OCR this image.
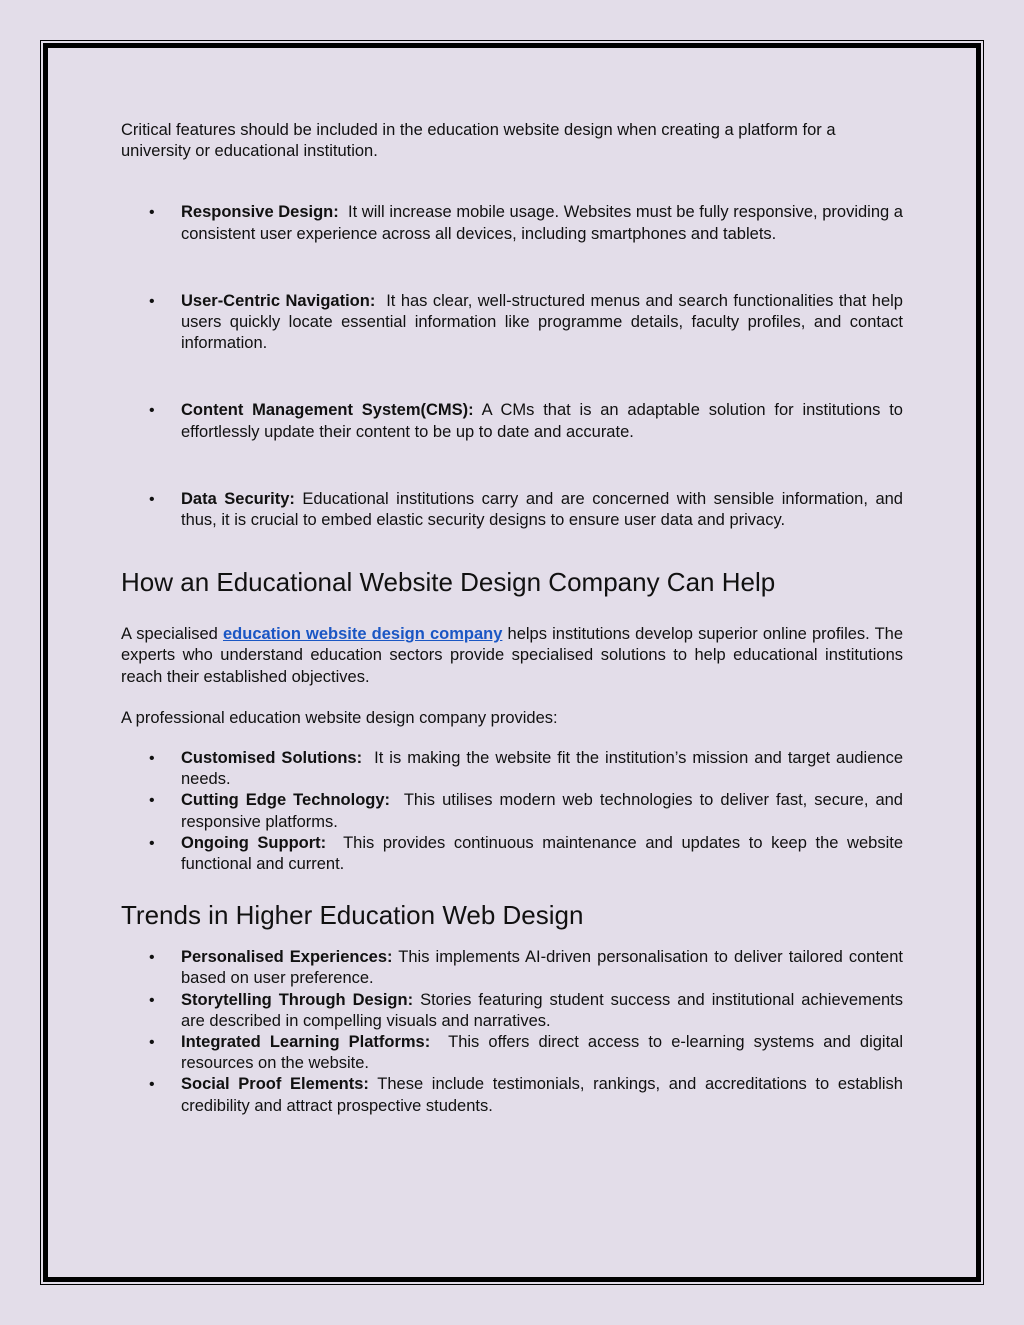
Critical features should be included in the education website design when creating a platform for a university or educational institution.

• Responsive Design: It will increase mobile usage. Websites must be fully responsive, providing a consistent user experience across all devices, including smartphones and tablets.
• User-Centric Navigation: It has clear, well-structured menus and search functionalities that help users quickly locate essential information like programme details, faculty profiles, and contact information.
• Content Management System(CMS): A CMs that is an adaptable solution for institutions to effortlessly update their content to be up to date and accurate.
• Data Security: Educational institutions carry and are concerned with sensible information, and thus, it is crucial to embed elastic security designs to ensure user data and privacy.
How an Educational Website Design Company Can Help

A specialised education website design company helps institutions develop superior online profiles. The experts who understand education sectors provide specialised solutions to help educational institutions reach their established objectives.

A professional education website design company provides:

• Customised Solutions: It is making the website fit the institution’s mission and target audience needs.
• Cutting Edge Technology: This utilises modern web technologies to deliver fast, secure, and responsive platforms.
• Ongoing Support: This provides continuous maintenance and updates to keep the website functional and current.
Trends in Higher Education Web Design
• Personalised Experiences: This implements AI-driven personalisation to deliver tailored content based on user preference.
• Storytelling Through Design: Stories featuring student success and institutional achievements are described in compelling visuals and narratives.
• Integrated Learning Platforms: This offers direct access to e-learning systems and digital resources on the website.
• Social Proof Elements: These include testimonials, rankings, and accreditations to establish credibility and attract prospective students.
